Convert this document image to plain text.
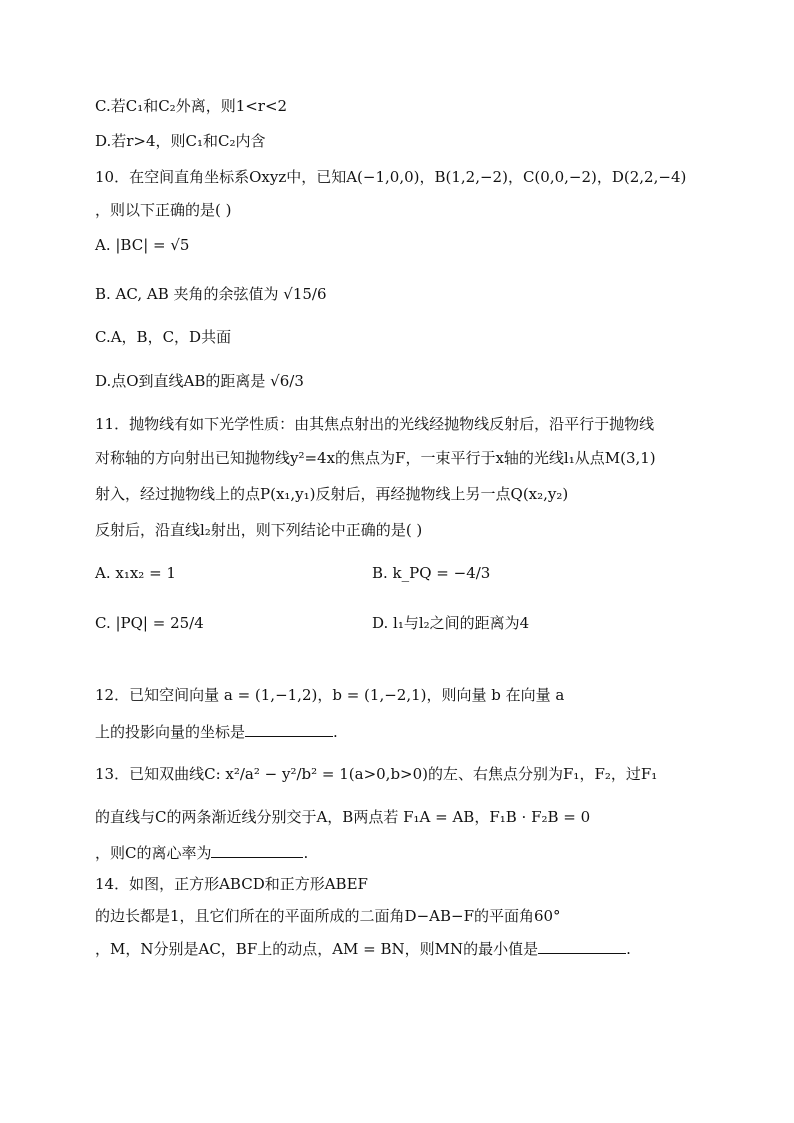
C.若C₁和C₂外离，则1<r<2
D.若r>4，则C₁和C₂内含
10．在空间直角坐标系Oxyz中，已知A(−1,0,0)，B(1,2,−2)，C(0,0,−2)，D(2,2,−4)
，则以下正确的是( )
A. |BC| = √5
B. AC, AB 夹角的余弦值为 √15/6
C.A，B，C，D共面
D.点O到直线AB的距离是 √6/3
11．抛物线有如下光学性质：由其焦点射出的光线经抛物线反射后，沿平行于抛物线
对称轴的方向射出已知抛物线y²=4x的焦点为F，一束平行于x轴的光线l₁从点M(3,1)
射入，经过抛物线上的点P(x₁,y₁)反射后，再经抛物线上另一点Q(x₂,y₂)
反射后，沿直线l₂射出，则下列结论中正确的是( )
A. x₁x₂ = 1	B. k_PQ = −4/3
C. |PQ| = 25/4	D. l₁与l₂之间的距离为4
12．已知空间向量 a = (1,−1,2)，b = (1,−2,1)，则向量 b 在向量 a
上的投影向量的坐标是	.
13．已知双曲线C: x²/a² − y²/b² = 1(a>0,b>0)的左、右焦点分别为F₁，F₂，过F₁
的直线与C的两条渐近线分别交于A，B两点若 F₁A = AB，F₁B · F₂B = 0
，则C的离心率为	.
14．如图，正方形ABCD和正方形ABEF
的边长都是1，且它们所在的平面所成的二面角D−AB−F的平面角60°
，M，N分别是AC，BF上的动点，AM = BN，则MN的最小值是	.
